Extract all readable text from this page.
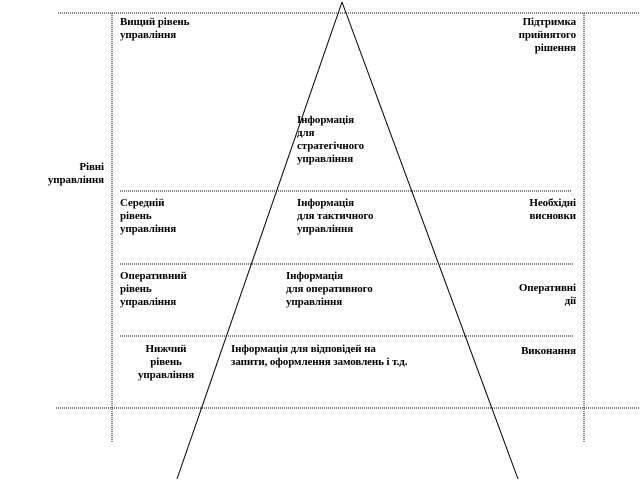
Рівні
управління
Вищий рівень
управління
Інформація
для
стратегічного
управління
Підтримка
прийнятого
рішення
Середній
рівень
управління
Інформація
для тактичного
управління
Необхідні
висновки
Оперативний
рівень
управління
Інформація
для оперативного
управління
Оперативні
дії
Нижчий
рівень
управління
Інформація для відповідей на
запити, оформлення замовлень і т.д.
Виконання
